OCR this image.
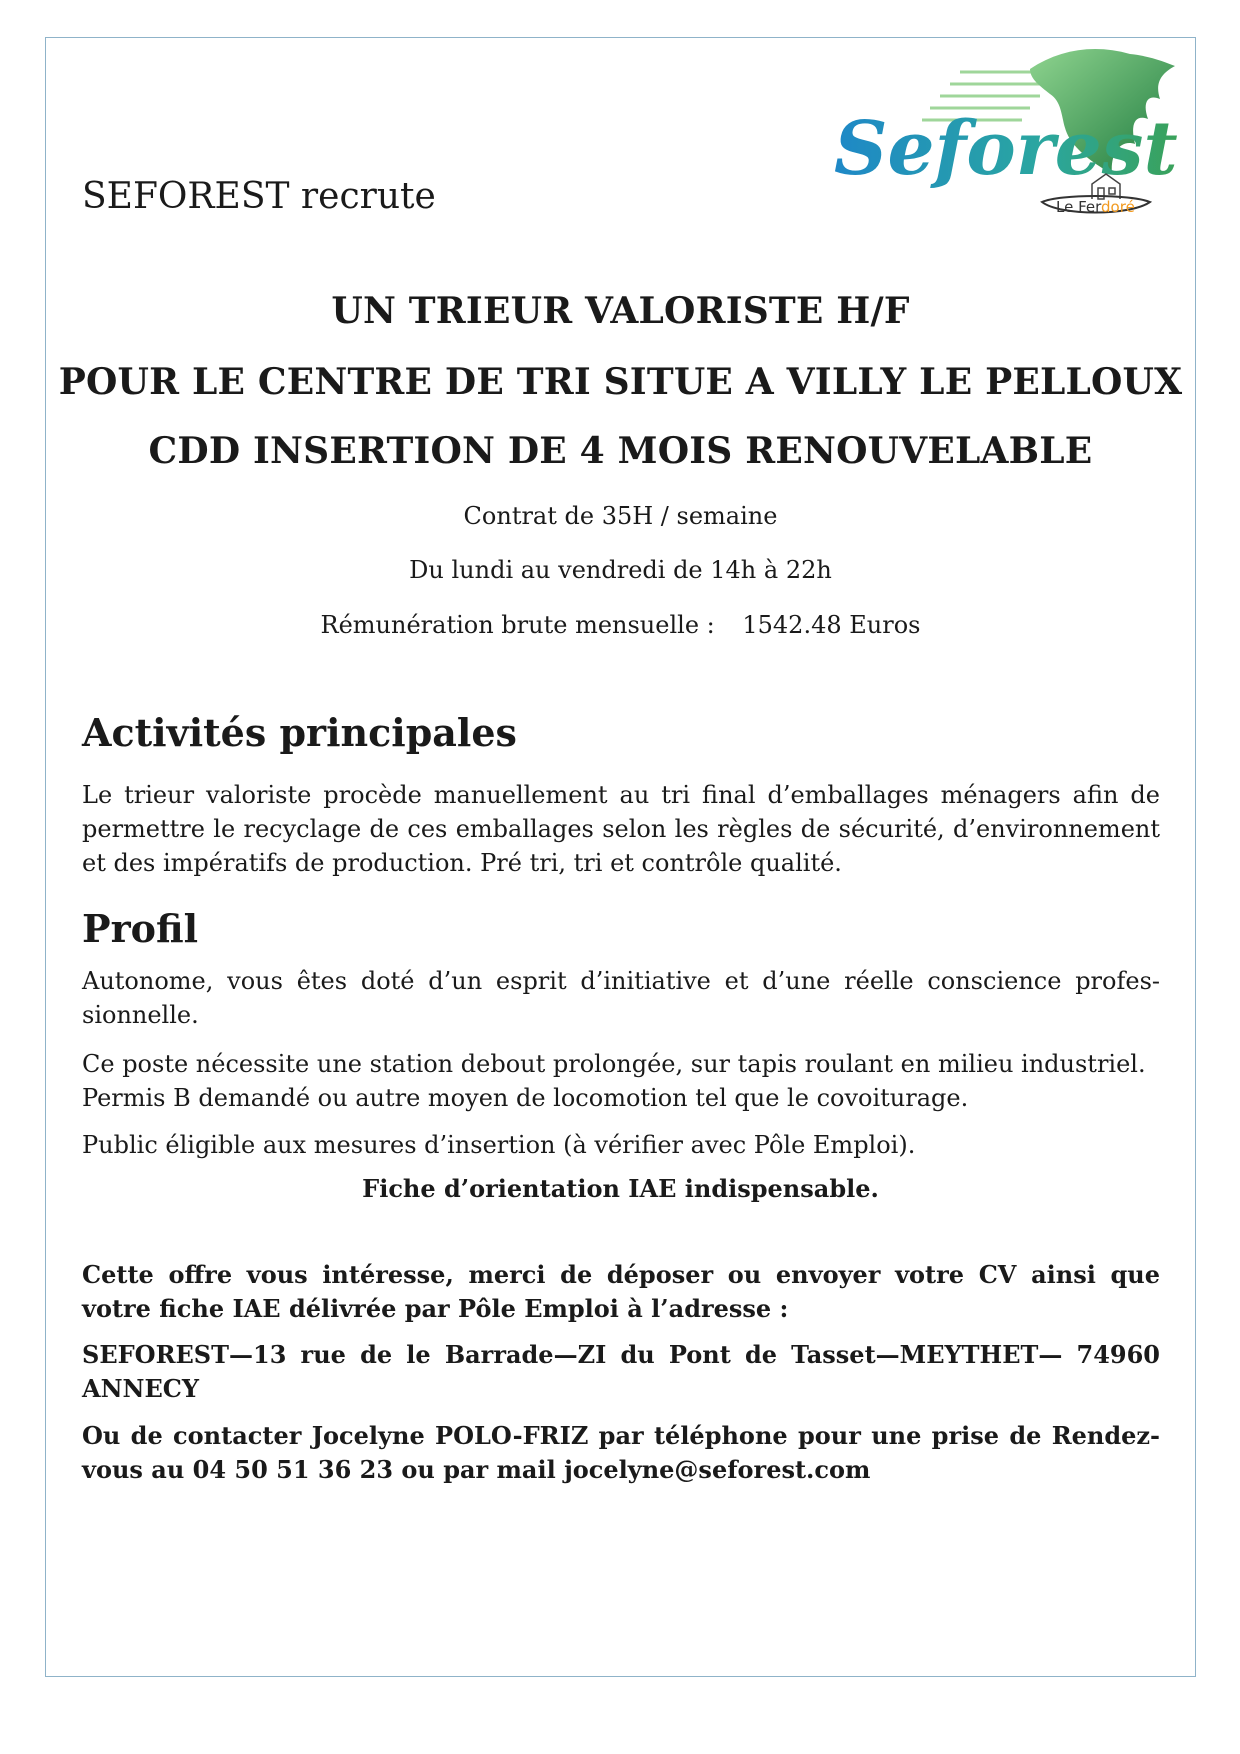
SEFOREST recrute
Seforest
Le Ferdoré
UN TRIEUR VALORISTE H/F
POUR LE CENTRE DE TRI SITUE A VILLY LE PELLOUX
CDD INSERTION DE 4 MOIS RENOUVELABLE
Contrat de 35H / semaine
Du lundi au vendredi de 14h à 22h
Rémunération brute mensuelle : 1542.48 Euros
Activités principales

Le trieur valoriste procède manuellement au tri final d’emballages ménagers afin de permettre le recyclage de ces emballages selon les règles de sécurité, d’environnement et des impératifs de production. Pré tri, tri et contrôle qualité.

Profil

Autonome, vous êtes doté d’un esprit d’initiative et d’une réelle conscience profes-sionnelle.

Ce poste nécessite une station debout prolongée, sur tapis roulant en milieu industriel.

Permis B demandé ou autre moyen de locomotion tel que le covoiturage.

Public éligible aux mesures d’insertion (à vérifier avec Pôle Emploi).

Fiche d’orientation IAE indispensable.

Cette offre vous intéresse, merci de déposer ou envoyer votre CV ainsi que votre fiche IAE délivrée par Pôle Emploi à l’adresse :

SEFOREST—13 rue de le Barrade—ZI du Pont de Tasset—MEYTHET— 74960 ANNECY

Ou de contacter Jocelyne POLO-FRIZ par téléphone pour une prise de Rendez-vous au 04 50 51 36 23 ou par mail jocelyne@seforest.com
